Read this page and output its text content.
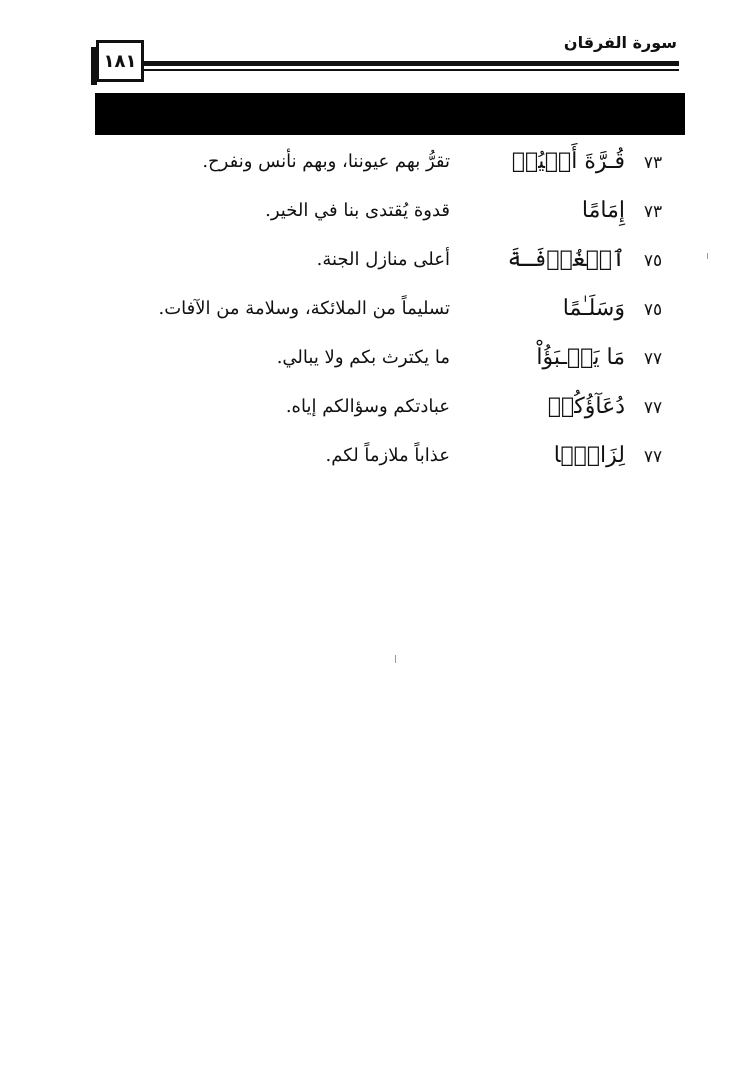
سورة الفرقان
١٨١
٧٣
قُـرَّةَ أَعۡيُنٖ
تقرُّ بهم عيوننا، وبهم نأنس ونفرح.
٧٣
إِمَامًا
قدوة يُقتدى بنا في الخير.
٧٥
ٱلۡغُرۡفَـةَ
أعلى منازل الجنة.
٧٥
وَسَلَـٰمًا
تسليماً من الملائكة، وسلامة من الآفات.
٧٧
مَا يَعۡـبَؤُاْ
ما يكترث بكم ولا يبالي.
٧٧
دُعَآؤُكُمۡ
عبادتكم وسؤالكم إياه.
٧٧
لِزَامَۢا
عذاباً ملازماً لكم.
